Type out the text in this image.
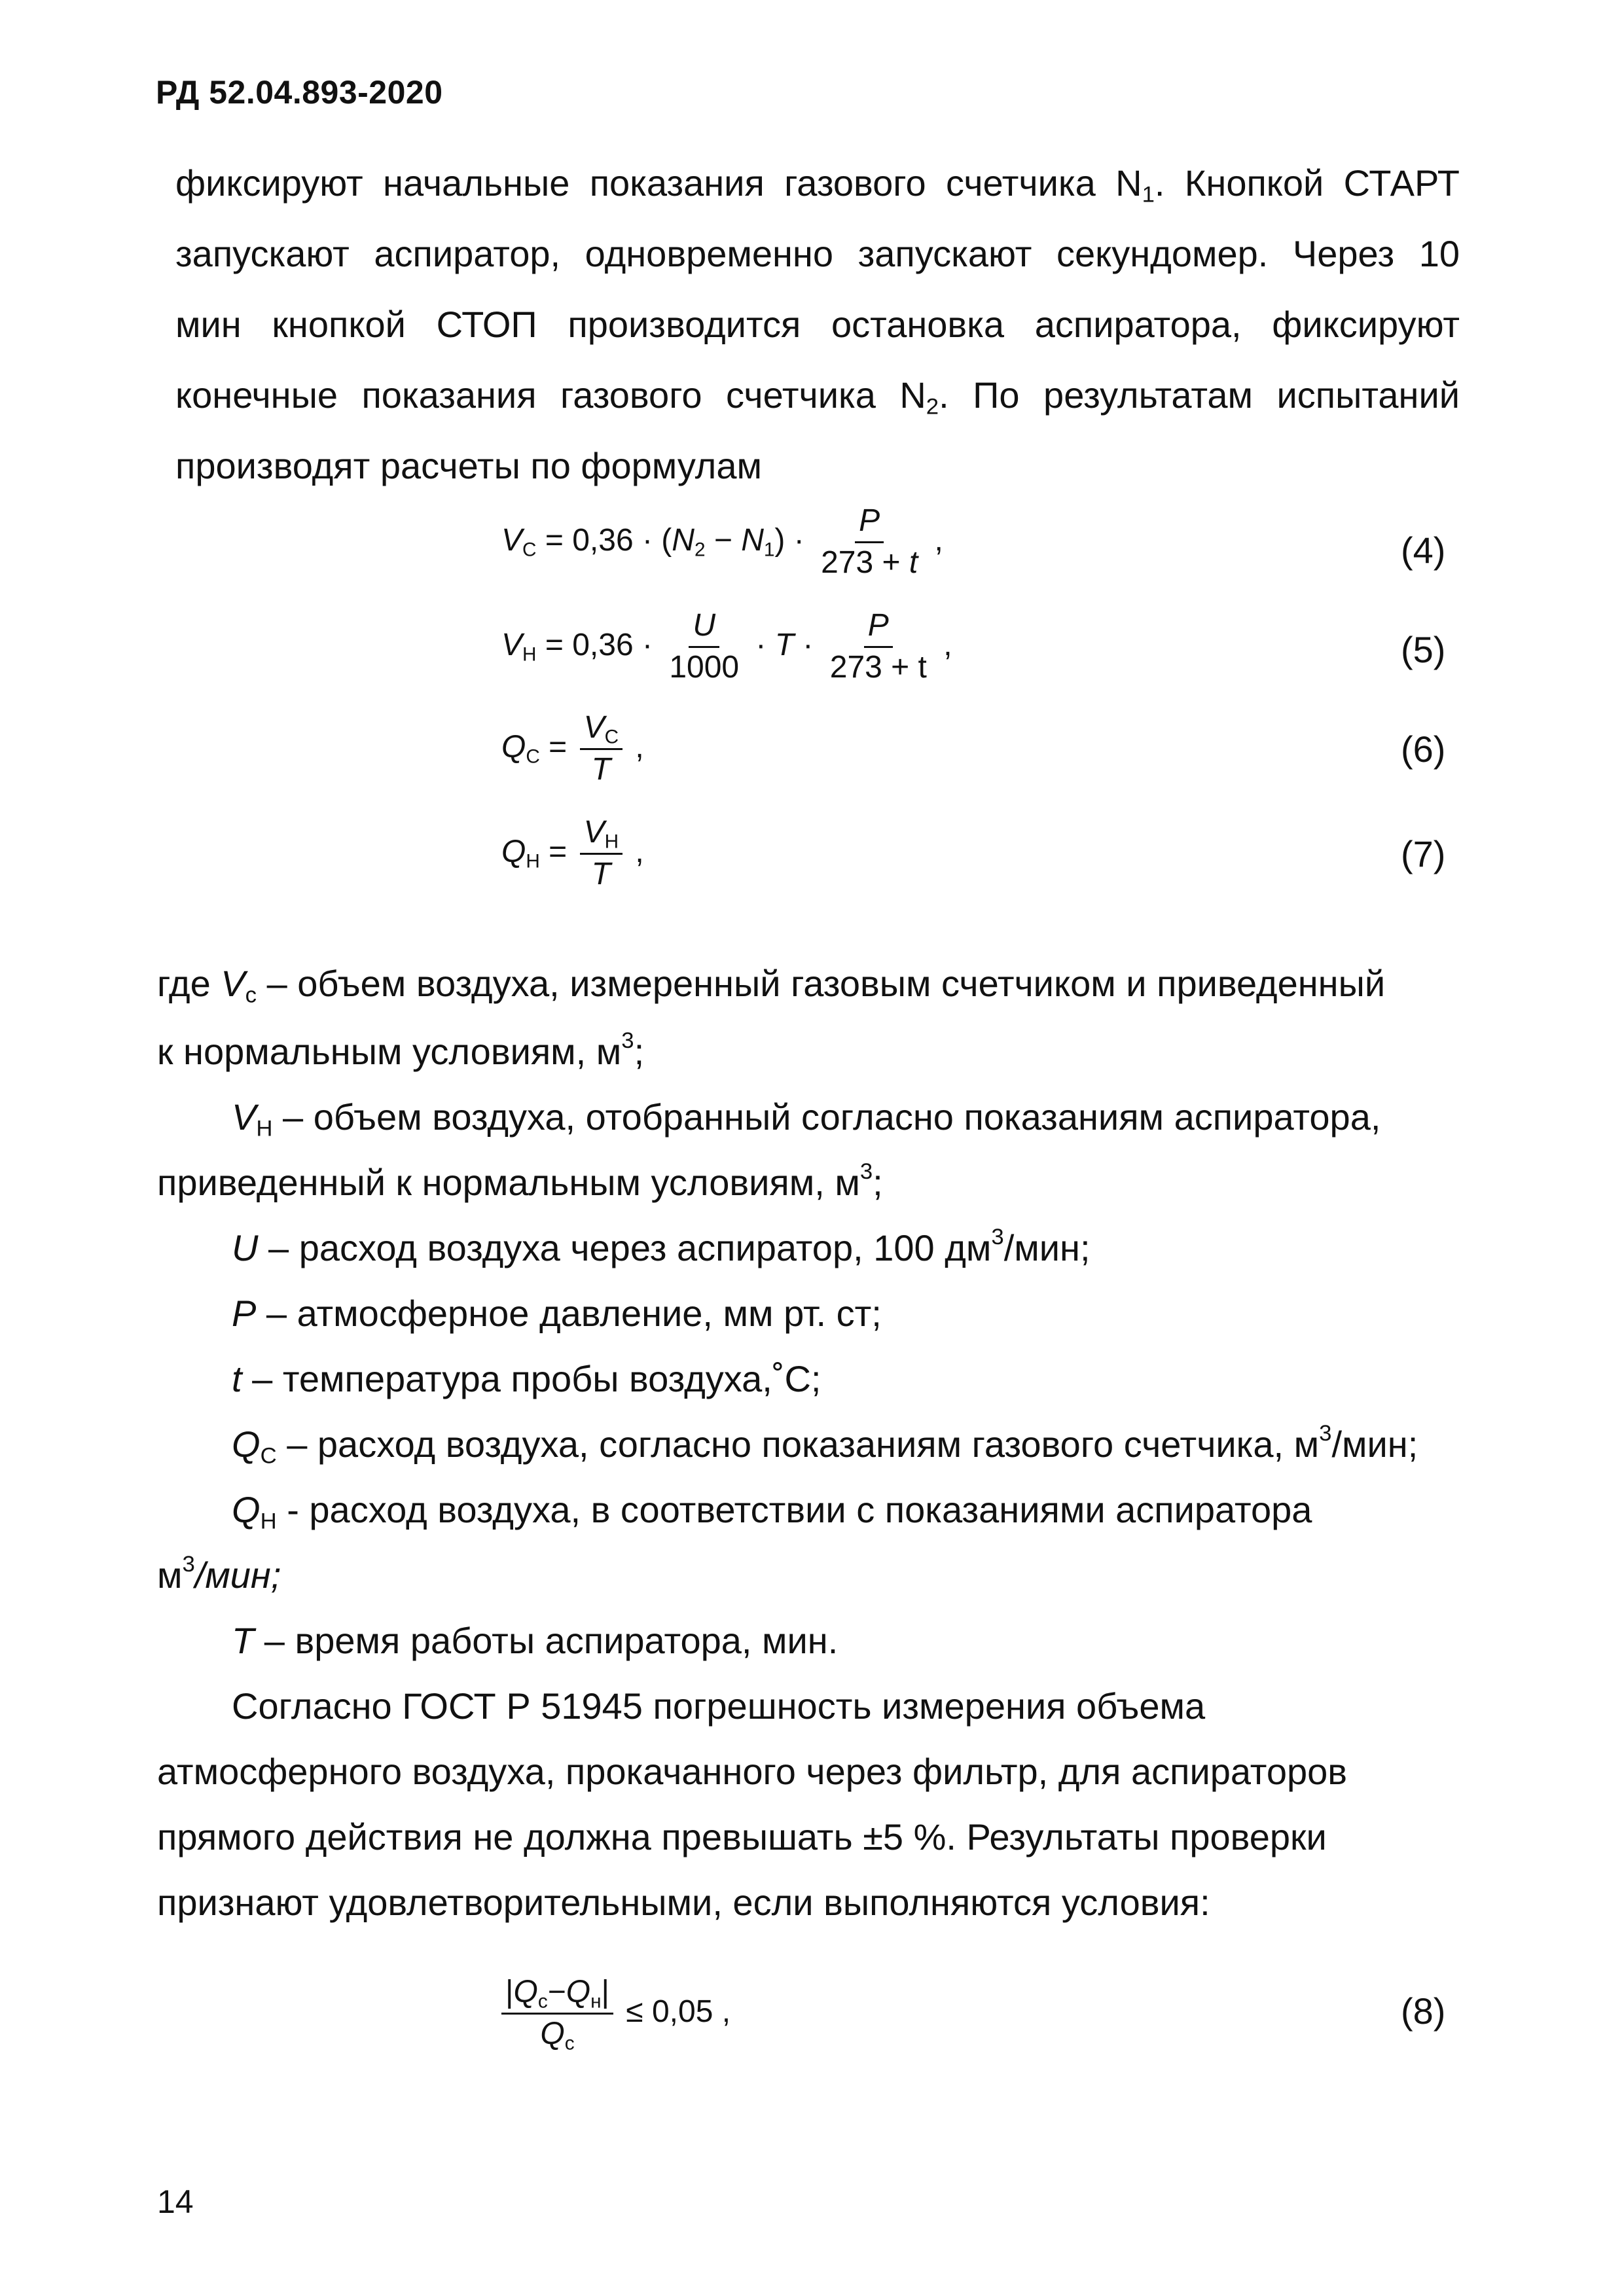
РД 52.04.893-2020
фиксируют начальные показания газового счетчика $N_1$. Кнопкой СТАРТ
запускают аспиратор, одновременно запускают секундомер. Через 10
мин кнопкой СТОП производится остановка аспиратора, фиксируют
конечные показания газового счетчика $N_2$. По результатам испытаний
производят расчеты по формулам
$V_С = 0,36 \cdot (N_2 - N_1) \cdot \frac{P}{273 + t}$ ,	(4)
$V_Н = 0,36 \cdot \frac{U}{1000} \cdot T \cdot \frac{P}{273 + t}$ ,	(5)
$Q_С = \frac{V_С}{T}$ ,	(6)
$Q_Н = \frac{V_Н}{T}$ ,	(7)
где $V_с$ – объем воздуха, измеренный газовым счетчиком и приведенный
к нормальным условиям, $м^3$;
$V_Н$ – объем воздуха, отобранный согласно показаниям аспиратора,
приведенный к нормальным условиям, $м^3$;
U – расход воздуха через аспиратор, 100 $дм^3$/мин;
P – атмосферное давление, мм рт. ст;
t – температура пробы воздуха,˚С;
$Q_С$ – расход воздуха, согласно показаниям газового счетчика, $м^3$/мин;
$Q_Н$ - расход воздуха, в соответствии с показаниями аспиратора
$м^3$/мин;
T – время работы аспиратора, мин.
Согласно ГОСТ Р 51945 погрешность измерения объема
атмосферного воздуха, прокачанного через фильтр, для аспираторов
прямого действия не должна превышать ±5 %. Результаты проверки
признают удовлетворительными, если выполняются условия:
$\frac{|Q_с-Q_н|}{Q_с} \le 0,05$ ,	(8)
14
